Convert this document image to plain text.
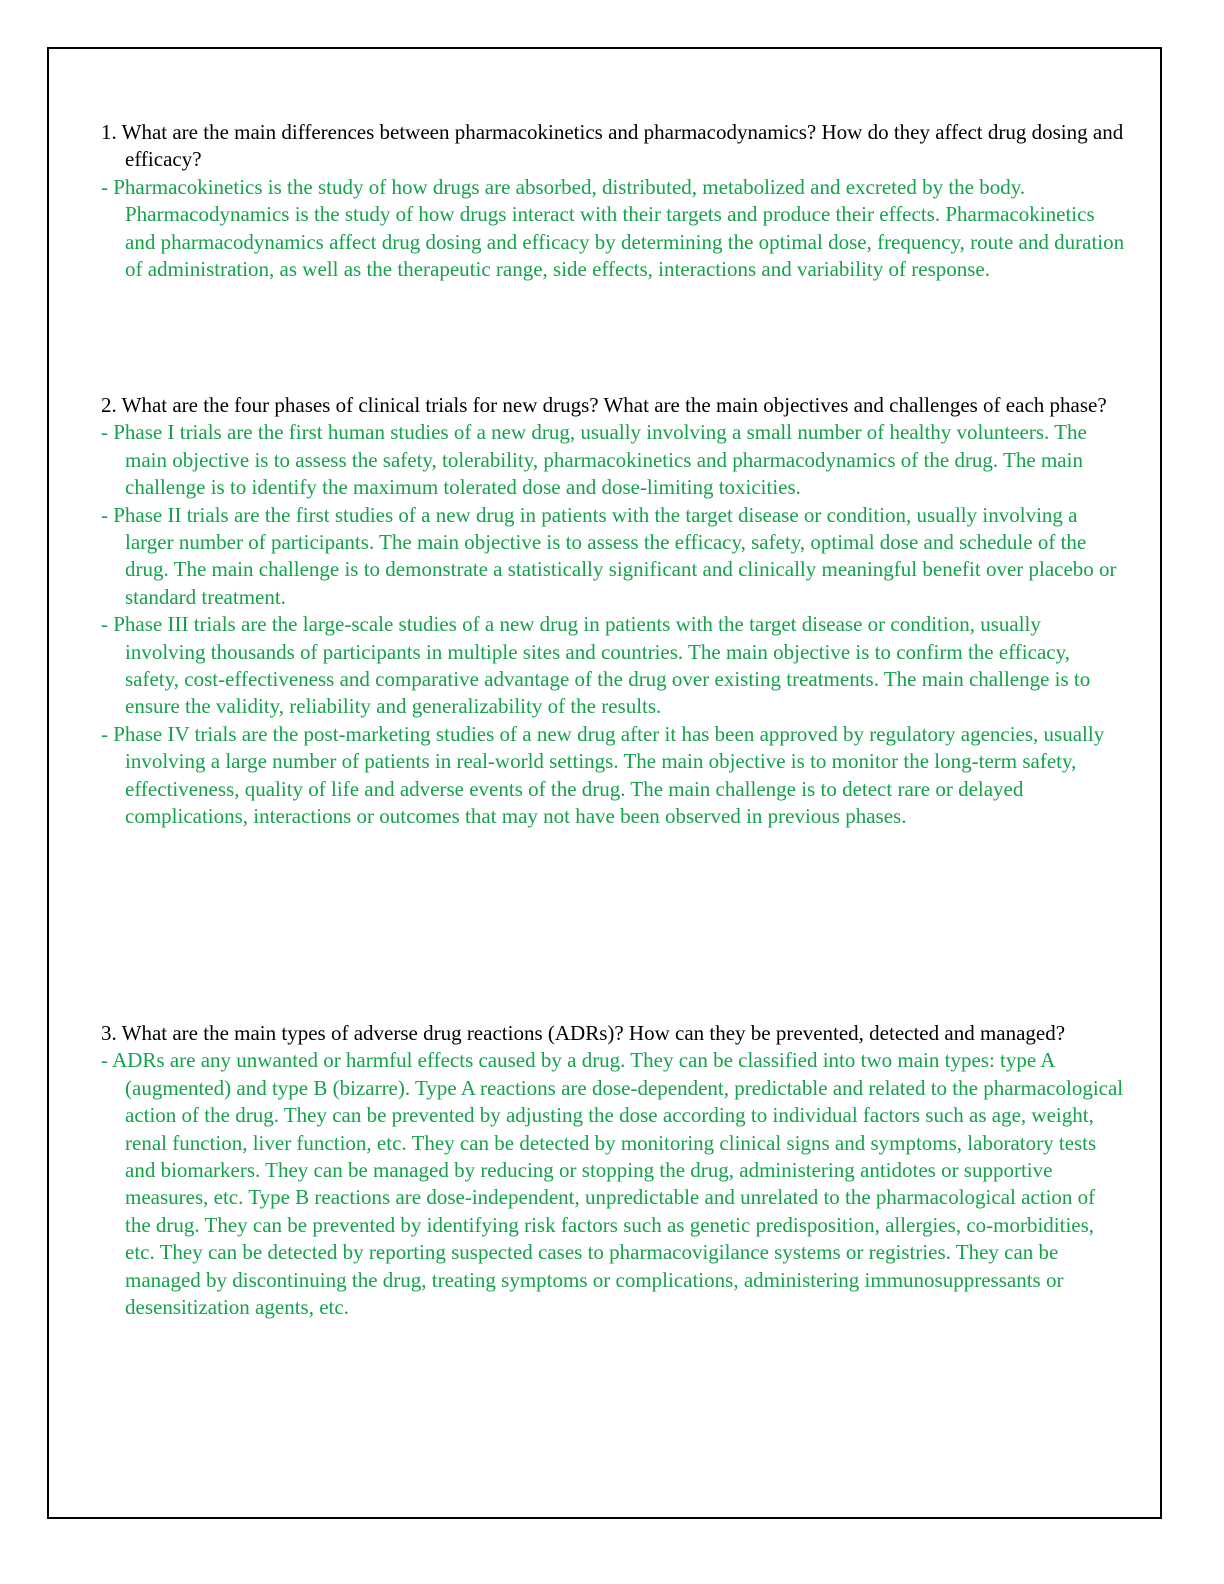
1. What are the main differences between pharmacokinetics and pharmacodynamics? How do they affect drug dosing and efficacy?

- Pharmacokinetics is the study of how drugs are absorbed, distributed, metabolized and excreted by the body. Pharmacodynamics is the study of how drugs interact with their targets and produce their effects. Pharmacokinetics and pharmacodynamics affect drug dosing and efficacy by determining the optimal dose, frequency, route and duration of administration, as well as the therapeutic range, side effects, interactions and variability of response.

2. What are the four phases of clinical trials for new drugs? What are the main objectives and challenges of each phase?

- Phase I trials are the first human studies of a new drug, usually involving a small number of healthy volunteers. The main objective is to assess the safety, tolerability, pharmacokinetics and pharmacodynamics of the drug. The main challenge is to identify the maximum tolerated dose and dose-limiting toxicities.

- Phase II trials are the first studies of a new drug in patients with the target disease or condition, usually involving a larger number of participants. The main objective is to assess the efficacy, safety, optimal dose and schedule of the drug. The main challenge is to demonstrate a statistically significant and clinically meaningful benefit over placebo or standard treatment.

- Phase III trials are the large-scale studies of a new drug in patients with the target disease or condition, usually involving thousands of participants in multiple sites and countries. The main objective is to confirm the efficacy, safety, cost-effectiveness and comparative advantage of the drug over existing treatments. The main challenge is to ensure the validity, reliability and generalizability of the results.

- Phase IV trials are the post-marketing studies of a new drug after it has been approved by regulatory agencies, usually involving a large number of patients in real-world settings. The main objective is to monitor the long-term safety, effectiveness, quality of life and adverse events of the drug. The main challenge is to detect rare or delayed complications, interactions or outcomes that may not have been observed in previous phases.

3. What are the main types of adverse drug reactions (ADRs)? How can they be prevented, detected and managed?

- ADRs are any unwanted or harmful effects caused by a drug. They can be classified into two main types: type A (augmented) and type B (bizarre). Type A reactions are dose-dependent, predictable and related to the pharmacological action of the drug. They can be prevented by adjusting the dose according to individual factors such as age, weight, renal function, liver function, etc. They can be detected by monitoring clinical signs and symptoms, laboratory tests and biomarkers. They can be managed by reducing or stopping the drug, administering antidotes or supportive measures, etc. Type B reactions are dose-independent, unpredictable and unrelated to the pharmacological action of the drug. They can be prevented by identifying risk factors such as genetic predisposition, allergies, co-morbidities, etc. They can be detected by reporting suspected cases to pharmacovigilance systems or registries. They can be managed by discontinuing the drug, treating symptoms or complications, administering immunosuppressants or desensitization agents, etc.
